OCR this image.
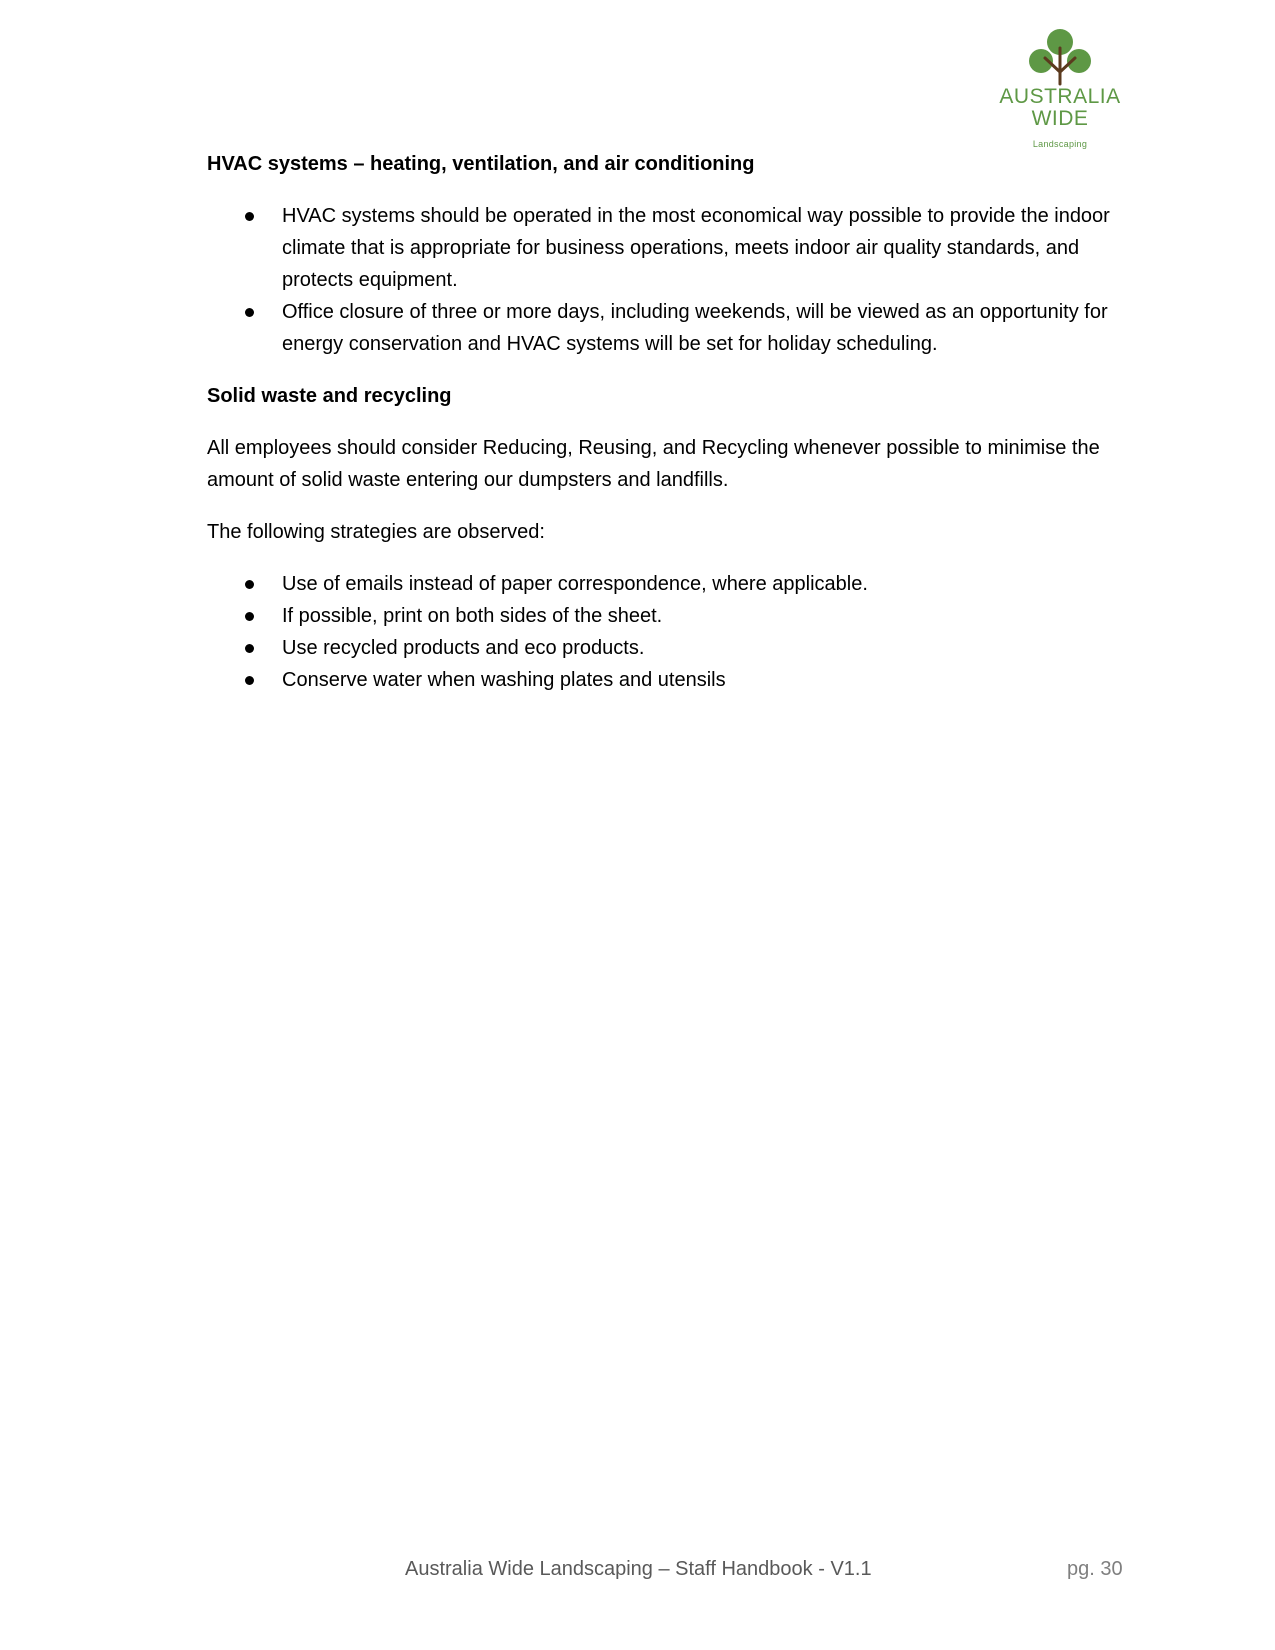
AUSTRALIA
WIDE
Landscaping
HVAC systems – heating, ventilation, and air conditioning
HVAC systems should be operated in the most economical way possible to provide the indoor climate that is appropriate for business operations, meets indoor air quality standards, and protects equipment.
Office closure of three or more days, including weekends, will be viewed as an opportunity for energy conservation and HVAC systems will be set for holiday scheduling.
Solid waste and recycling

All employees should consider Reducing, Reusing, and Recycling whenever possible to minimise the amount of solid waste entering our dumpsters and landfills.

The following strategies are observed:

Use of emails instead of paper correspondence, where applicable.
If possible, print on both sides of the sheet.
Use recycled products and eco products.
Conserve water when washing plates and utensils
Australia Wide Landscaping – Staff Handbook - V1.1	pg. 30
